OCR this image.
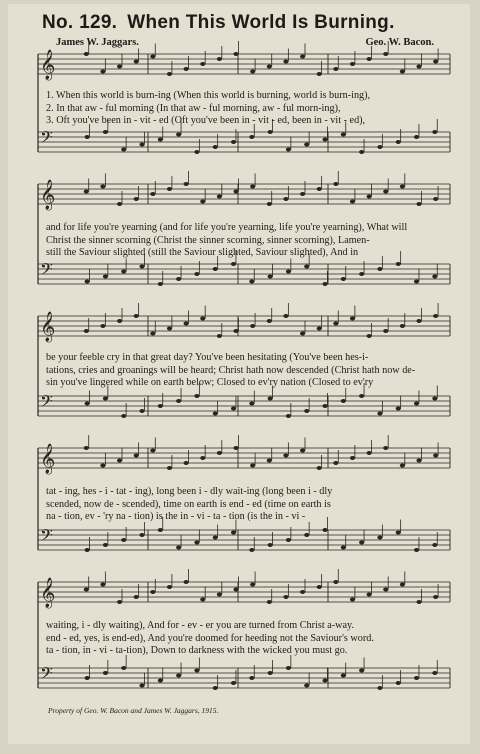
𝄞
𝄢
𝄞
𝄢
𝄞
𝄢
𝄞
𝄢
𝄞
𝄢
No. 129. When This World Is Burning.
James W. Jaggars.	Geo. W. Bacon.
1. When this world is burn-ing (When this world is burning, world is burn-ing),
2. In that aw - ful morning (In that aw - ful morning, aw - ful morn-ing),
3. Oft you've been in - vit - ed (Oft you've been in - vit - ed, been in - vit - ed),
and for life you're yearning (and for life you're yearning, life you're yearning), What will
Christ the sinner scorning (Christ the sinner scorning, sinner scorning), Lamen-
still the Saviour slighted (still the Saviour slighted, Saviour slighted), And in
be your feeble cry in that great day? You've been hesitating (You've been hes-i-
tations, cries and groanings will be heard; Christ hath now descended (Christ hath now de-
sin you've lingered while on earth below; Closed to ev'ry nation (Closed to ev'ry
tat - ing, hes - i - tat - ing), long been i - dly wait-ing (long been i - dly
scended, now de - scended), time on earth is end - ed (time on earth is
na - tion, ev - 'ry na - tion) is the in - vi - ta - tion (is the in - vi -
waiting, i - dly waiting), And for - ev - er you are turned from Christ a-way.
end - ed, yes, is end-ed), And you're doomed for heeding not the Saviour's word.
ta - tion, in - vi - ta-tion), Down to darkness with the wicked you must go.
Property of Geo. W. Bacon and James W. Jaggars, 1915.
